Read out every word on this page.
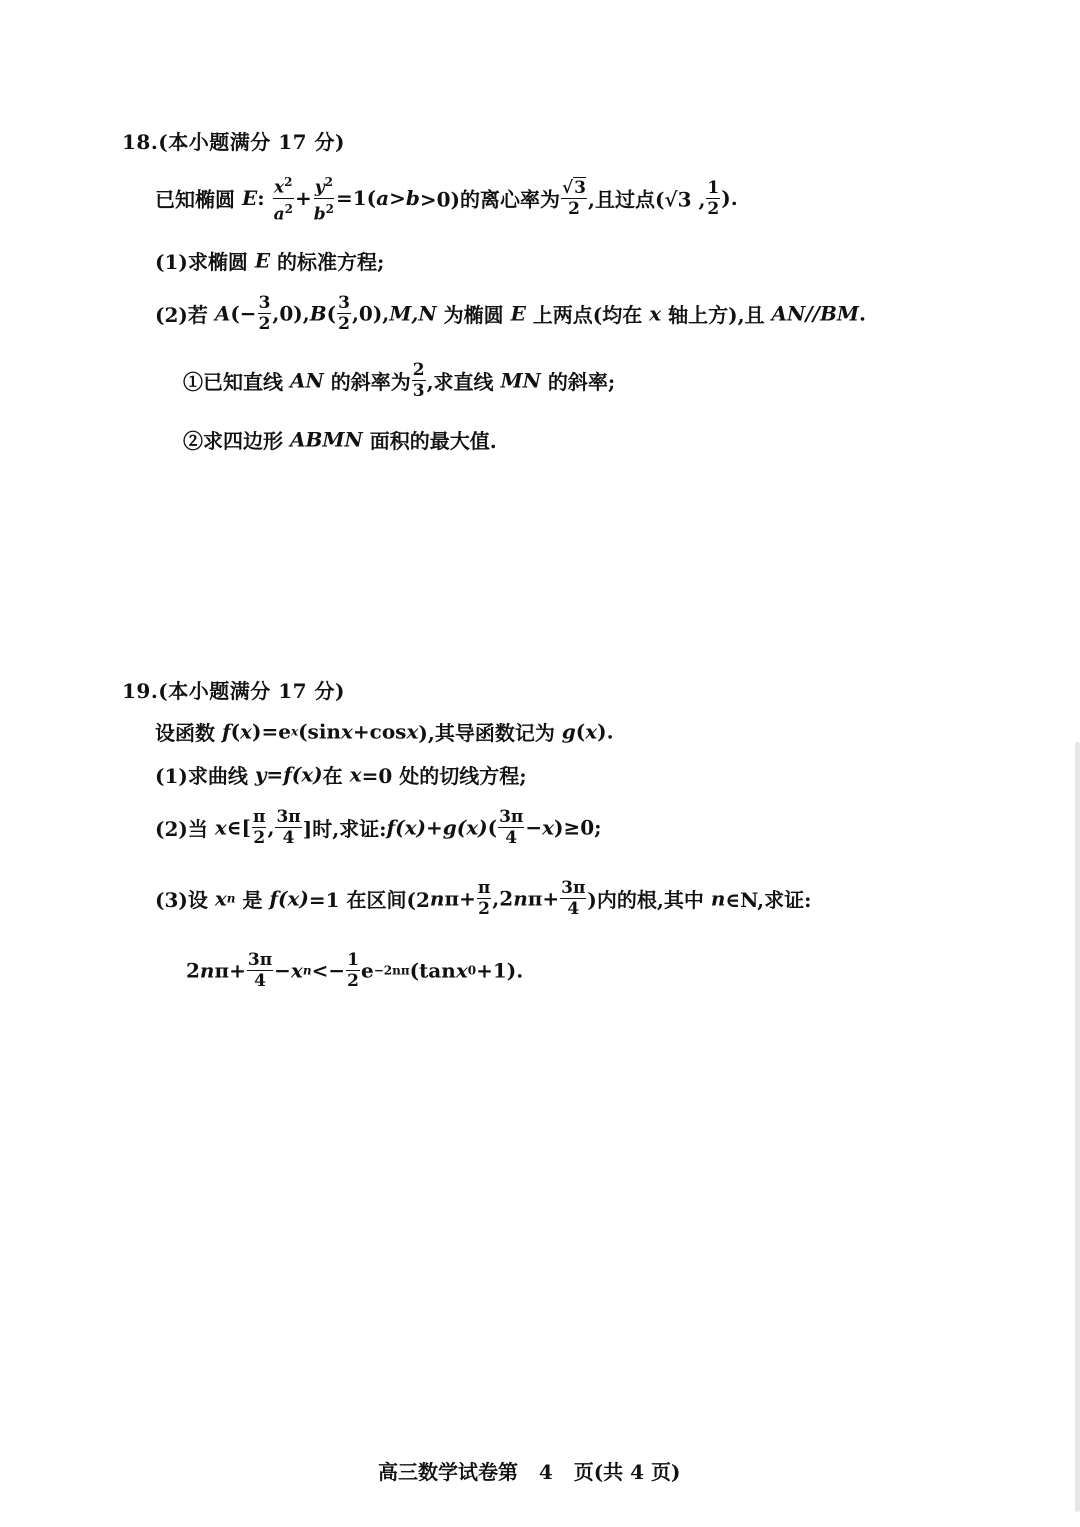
18.(本小题满分 17 分)
已知椭圆 E: $\frac{x^2}{a^2} + \frac{y^2}{b^2} =1(a>b>0)$的离心率为 $\frac{√3}{2}$ ,且过点(√3 , $\frac{1}{2}$ ).
(1)求椭圆 E 的标准方程;
(2)若 $A(- \frac{3}{2} ,0),B( \frac{3}{2} ,0),M,N$ 为椭圆 E 上两点(均在 x 轴上方),且 AN//BM.
①已知直线 AN 的斜率为 $\frac{2}{3}$ ,求直线 MN 的斜率;
②求四边形 ABMN 面积的最大值.
19.(本小题满分 17 分)
设函数 f(x)=ex(sinx+cosx),其导函数记为 g(x).
(1)求曲线 y=f(x)在 x=0 处的切线方程;
(2)当 x∈[ $\frac{\pi}{2}$ , $\frac{3\pi}{4}$ ]时,求证:f(x)+g(x)( $\frac{3\pi}{4} -x)\ge 0$;
(3)设 xn 是 f(x)=1 在区间($2n\pi+ \frac{\pi}{2} ,2n\pi+ \frac{3\pi}{4}$ )内的根,其中 n∈N,求证:
$2n\pi+ \frac{3\pi}{4} -xn<- \frac{1}{2} e-2n\pi(\tan x0+1)$.
高三数学试卷第   4   页(共 4 页)
